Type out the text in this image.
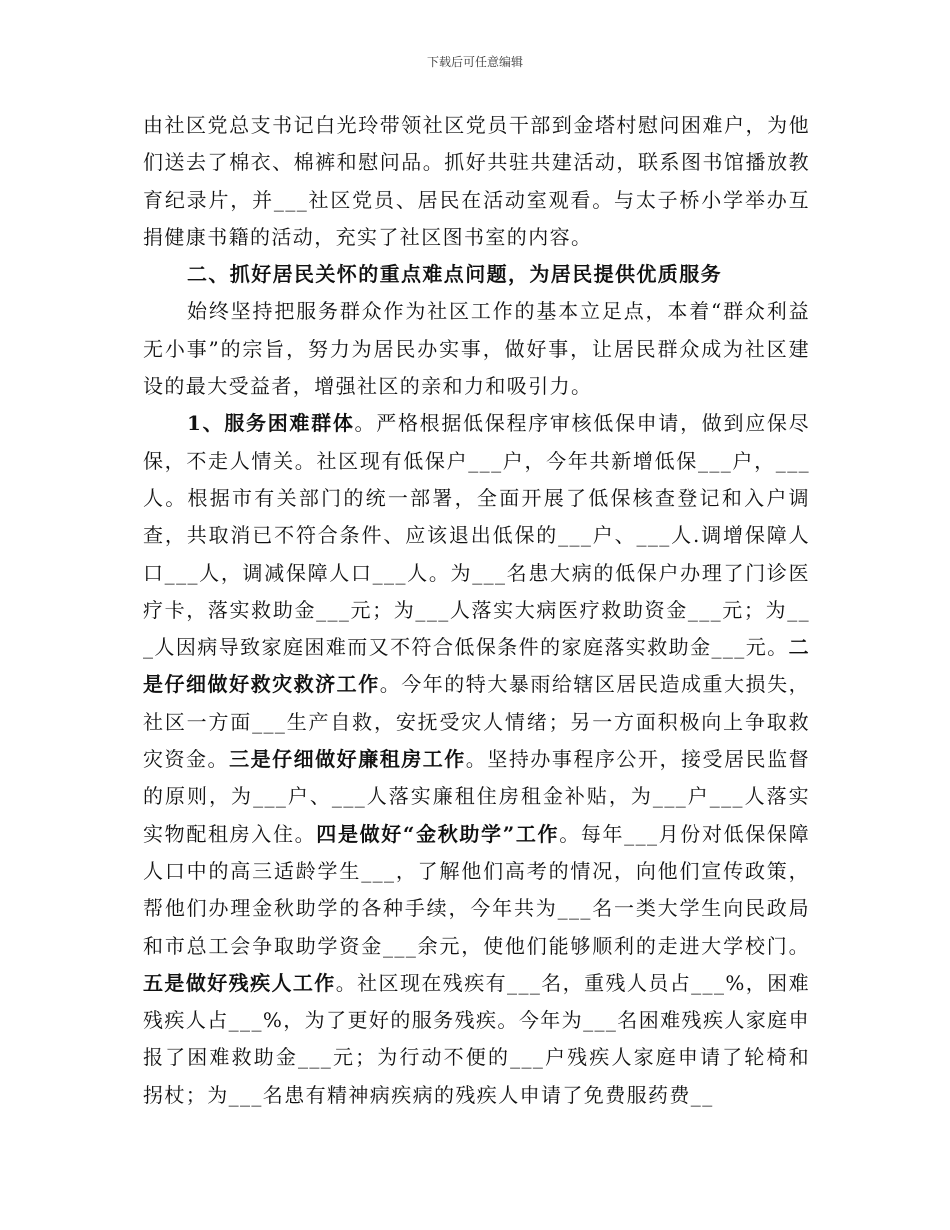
下载后可任意编辑

由社区党总支书记白光玲带领社区党员干部到金塔村慰问困难户，为他们送去了棉衣、棉裤和慰问品。抓好共驻共建活动，联系图书馆播放教育纪录片，并___社区党员、居民在活动室观看。与太子桥小学举办互捐健康书籍的活动，充实了社区图书室的内容。

二、抓好居民关怀的重点难点问题，为居民提供优质服务

始终坚持把服务群众作为社区工作的基本立足点，本着“群众利益无小事”的宗旨，努力为居民办实事，做好事，让居民群众成为社区建设的最大受益者，增强社区的亲和力和吸引力。

1、服务困难群体。严格根据低保程序审核低保申请，做到应保尽保，不走人情关。社区现有低保户___户，今年共新增低保___户，___人。根据市有关部门的统一部署，全面开展了低保核查登记和入户调查，共取消已不符合条件、应该退出低保的___户、___人.调增保障人口___人，调减保障人口___人。为___名患大病的低保户办理了门诊医疗卡，落实救助金___元；为___人落实大病医疗救助资金___元；为___人因病导致家庭困难而又不符合低保条件的家庭落实救助金___元。二是仔细做好救灾救济工作。今年的特大暴雨给辖区居民造成重大损失，社区一方面___生产自救，安抚受灾人情绪；另一方面积极向上争取救灾资金。三是仔细做好廉租房工作。坚持办事程序公开，接受居民监督的原则，为___户、___人落实廉租住房租金补贴，为___户___人落实实物配租房入住。四是做好“金秋助学”工作。每年___月份对低保保障人口中的高三适龄学生___，了解他们高考的情况，向他们宣传政策，帮他们办理金秋助学的各种手续，今年共为___名一类大学生向民政局和市总工会争取助学资金___余元，使他们能够顺利的走进大学校门。五是做好残疾人工作。社区现在残疾有___名，重残人员占___%，困难残疾人占___%，为了更好的服务残疾。今年为___名困难残疾人家庭申报了困难救助金___元；为行动不便的___户残疾人家庭申请了轮椅和拐杖；为___名患有精神病疾病的残疾人申请了免费服药费__
